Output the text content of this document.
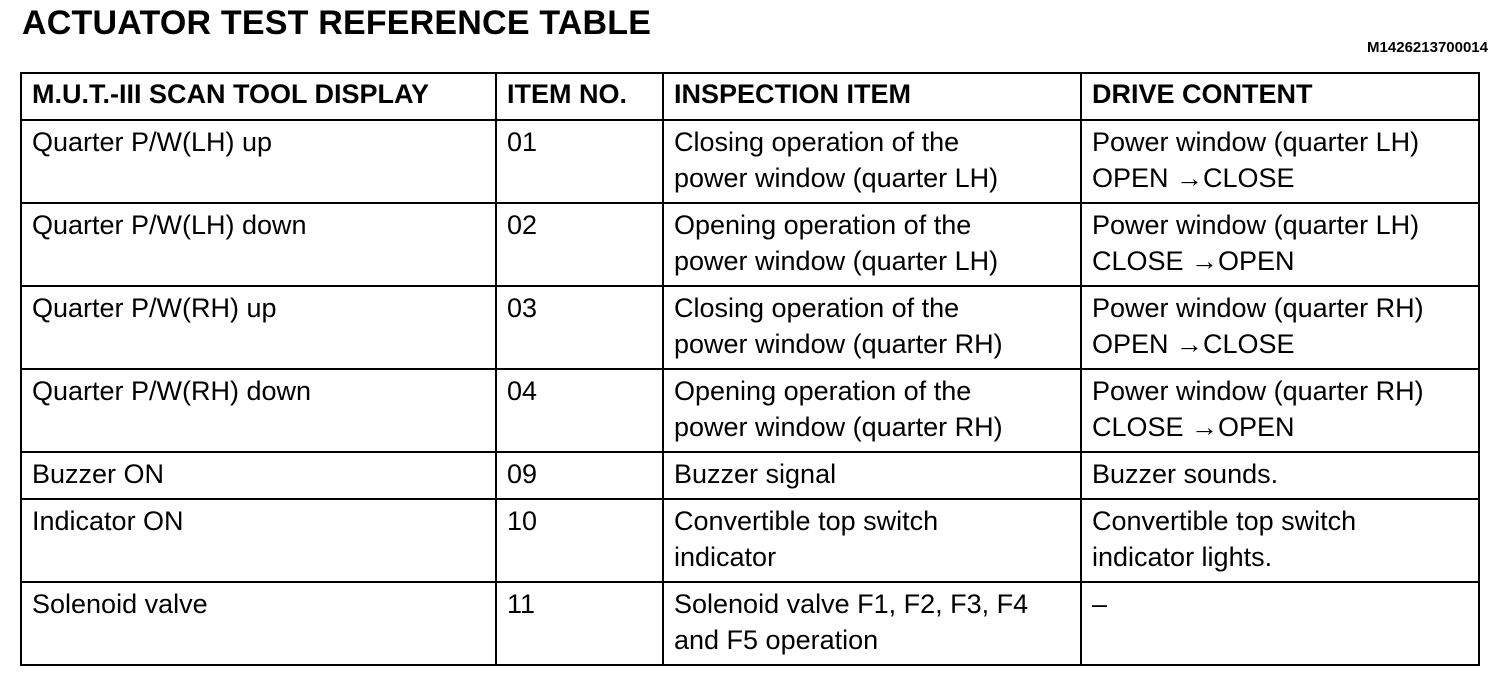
ACTUATOR TEST REFERENCE TABLE
M1426213700014
M.U.T.-III SCAN TOOL DISPLAY	ITEM NO.	INSPECTION ITEM	DRIVE CONTENT

Quarter P/W(LH) up	01	Closing operation of the
power window (quarter LH)	Power window (quarter LH)
OPEN →CLOSE

Quarter P/W(LH) down	02	Opening operation of the
power window (quarter LH)	Power window (quarter LH)
CLOSE →OPEN

Quarter P/W(RH) up	03	Closing operation of the
power window (quarter RH)	Power window (quarter RH)
OPEN →CLOSE

Quarter P/W(RH) down	04	Opening operation of the
power window (quarter RH)	Power window (quarter RH)
CLOSE →OPEN

Buzzer ON	09	Buzzer signal	Buzzer sounds.

Indicator ON	10	Convertible top switch
indicator	Convertible top switch
indicator lights.

Solenoid valve	11	Solenoid valve F1, F2, F3, F4
and F5 operation	–
